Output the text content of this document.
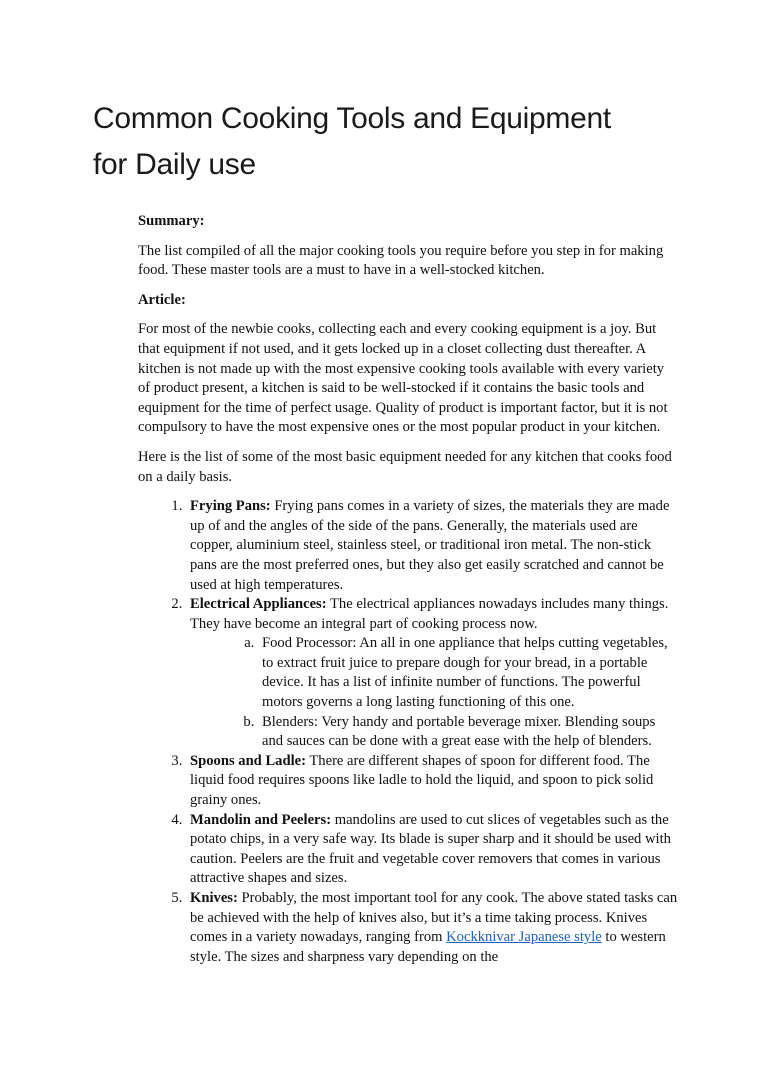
Common Cooking Tools and Equipment
for Daily use

Summary:

The list compiled of all the major cooking tools you require before you step in for making food. These master tools are a must to have in a well-stocked kitchen.

Article:

For most of the newbie cooks, collecting each and every cooking equipment is a joy. But that equipment if not used, and it gets locked up in a closet collecting dust thereafter. A kitchen is not made up with the most expensive cooking tools available with every variety of product present, a kitchen is said to be well-stocked if it contains the basic tools and equipment for the time of perfect usage. Quality of product is important factor, but it is not compulsory to have the most expensive ones or the most popular product in your kitchen.

Here is the list of some of the most basic equipment needed for any kitchen that cooks food on a daily basis.

1. Frying Pans: Frying pans comes in a variety of sizes, the materials they are made up of and the angles of the side of the pans. Generally, the materials used are copper, aluminium steel, stainless steel, or traditional iron metal. The non-stick pans are the most preferred ones, but they also get easily scratched and cannot be used at high temperatures.
2. Electrical Appliances: The electrical appliances nowadays includes many things. They have become an integral part of cooking process now.
a. Food Processor: An all in one appliance that helps cutting vegetables, to extract fruit juice to prepare dough for your bread, in a portable device. It has a list of infinite number of functions. The powerful motors governs a long lasting functioning of this one.
b. Blenders: Very handy and portable beverage mixer. Blending soups and sauces can be done with a great ease with the help of blenders.
3. Spoons and Ladle: There are different shapes of spoon for different food. The liquid food requires spoons like ladle to hold the liquid, and spoon to pick solid grainy ones.
4. Mandolin and Peelers: mandolins are used to cut slices of vegetables such as the potato chips, in a very safe way. Its blade is super sharp and it should be used with caution. Peelers are the fruit and vegetable cover removers that comes in various attractive shapes and sizes.
5. Knives: Probably, the most important tool for any cook. The above stated tasks can be achieved with the help of knives also, but it’s a time taking process. Knives comes in a variety nowadays, ranging from Kockknivar Japanese style to western style. The sizes and sharpness vary depending on the
